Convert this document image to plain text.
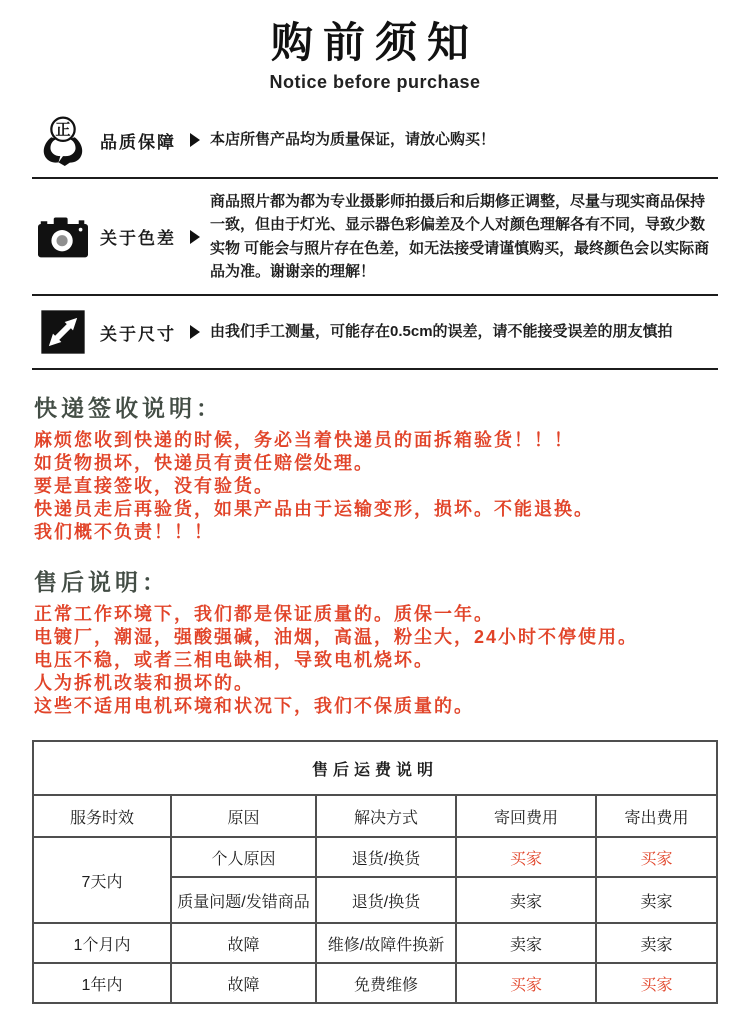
购前须知
Notice before purchase
正
品质保障	本店所售产品均为质量保证，请放心购买！
关于色差
商品照片都为都为专业摄影师拍摄后和后期修正调整，尽量与现实商品保持一致，但由于灯光、显示器色彩偏差及个人对颜色理解各有不同，导致少数实物 可能会与照片存在色差，如无法接受请谨慎购买，最终颜色会以实际商品为准。谢谢亲的理解！
关于尺寸	由我们手工测量，可能存在0.5cm的误差，请不能接受误差的朋友慎拍
快递签收说明：
麻烦您收到快递的时候，务必当着快递员的面拆箱验货！！！
如货物损坏，快递员有责任赔偿处理。
要是直接签收，没有验货。
快递员走后再验货，如果产品由于运输变形，损坏。不能退换。
我们概不负责！！！
售后说明：
正常工作环境下，我们都是保证质量的。质保一年。
电镀厂，潮湿，强酸强碱，油烟，高温，粉尘大，24小时不停使用。
电压不稳，或者三相电缺相，导致电机烧坏。
人为拆机改装和损坏的。
这些不适用电机环境和状况下，我们不保质量的。
售后运费说明				
服务时效	原因	解决方式	寄回费用	寄出费用
7天内	个人原因	退货/换货	买家	买家
	质量问题/发错商品	退货/换货	卖家	卖家
1个月内	故障	维修/故障件换新	卖家	卖家
1年内	故障	免费维修	买家	买家
